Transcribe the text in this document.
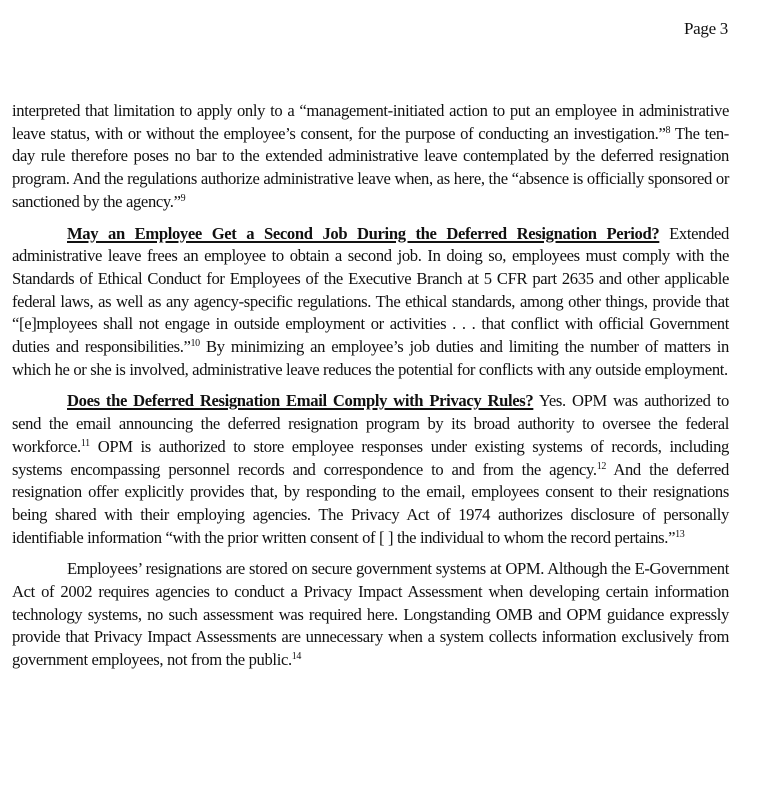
Page 3

interpreted that limitation to apply only to a “management-initiated action to put an employee in administrative leave status, with or without the employee’s consent, for the purpose of conducting an investigation.”$^8$ The ten-day rule therefore poses no bar to the extended administrative leave contemplated by the deferred resignation program. And the regulations authorize administrative leave when, as here, the “absence is officially sponsored or sanctioned by the agency.”$^9$

May an Employee Get a Second Job During the Deferred Resignation Period? Extended administrative leave frees an employee to obtain a second job. In doing so, employees must comply with the Standards of Ethical Conduct for Employees of the Executive Branch at 5 CFR part 2635 and other applicable federal laws, as well as any agency-specific regulations. The ethical standards, among other things, provide that “[e]mployees shall not engage in outside employment or activities . . . that conflict with official Government duties and responsibilities.”$^{10}$ By minimizing an employee’s job duties and limiting the number of matters in which he or she is involved, administrative leave reduces the potential for conflicts with any outside employment.

Does the Deferred Resignation Email Comply with Privacy Rules? Yes. OPM was authorized to send the email announcing the deferred resignation program by its broad authority to oversee the federal workforce.$^{11}$ OPM is authorized to store employee responses under existing systems of records, including systems encompassing personnel records and correspondence to and from the agency.$^{12}$ And the deferred resignation offer explicitly provides that, by responding to the email, employees consent to their resignations being shared with their employing agencies. The Privacy Act of 1974 authorizes disclosure of personally identifiable information “with the prior written consent of [ ] the individual to whom the record pertains.”$^{13}$

Employees’ resignations are stored on secure government systems at OPM. Although the E-Government Act of 2002 requires agencies to conduct a Privacy Impact Assessment when developing certain information technology systems, no such assessment was required here. Longstanding OMB and OPM guidance expressly provide that Privacy Impact Assessments are unnecessary when a system collects information exclusively from government employees, not from the public.$^{14}$
